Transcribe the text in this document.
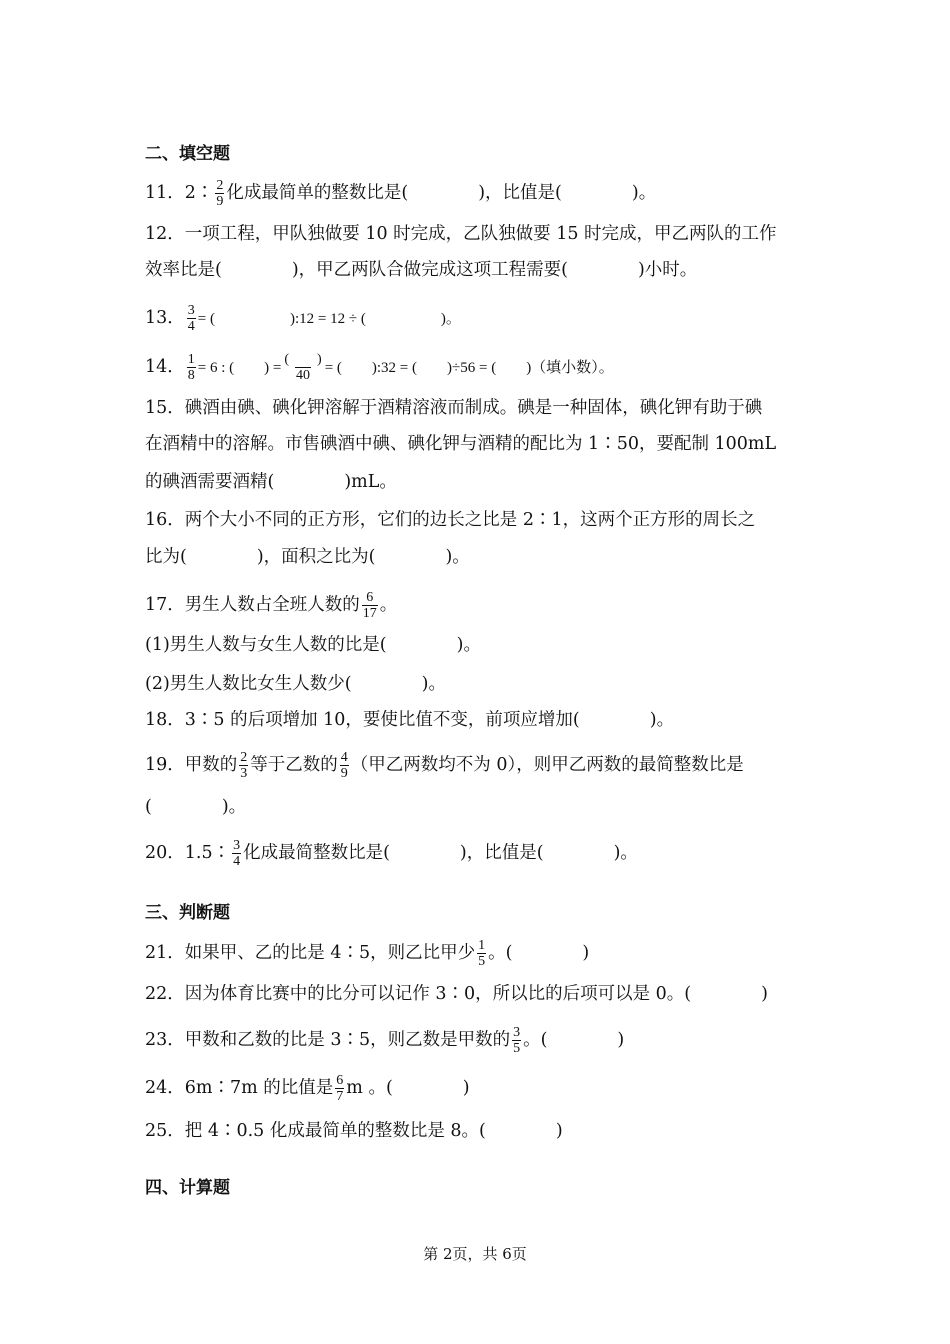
二、填空题
11．2∶ $\frac{2}{9}$ 化成最简单的整数比是(　　　　)，比值是(　　　　)。
12．一项工程，甲队独做要 10 时完成，乙队独做要 15 时完成，甲乙两队的工作
效率比是(　　　　)，甲乙两队合做完成这项工程需要(　　　　)小时。
13． $\frac{3}{4}$ = (　　　　　):12 = 12 ÷ (　　　　　)。
14． $\frac{1}{8} = 6$ : (　　) = $\frac{( )}{40}$ = (　　):32 = (　　)÷56 = (　　)（填小数）。
15．碘酒由碘、碘化钾溶解于酒精溶液而制成。碘是一种固体，碘化钾有助于碘
在酒精中的溶解。市售碘酒中碘、碘化钾与酒精的配比为 1∶50，要配制 100mL
的碘酒需要酒精(　　　　)mL。
16．两个大小不同的正方形，它们的边长之比是 2∶1，这两个正方形的周长之
比为(　　　　)，面积之比为(　　　　)。
17．男生人数占全班人数的 $\frac{6}{17}$ 。
(1)男生人数与女生人数的比是(　　　　)。
(2)男生人数比女生人数少(　　　　)。
18．3∶5 的后项增加 10，要使比值不变，前项应增加(　　　　)。
19．甲数的 $\frac{2}{3}$ 等于乙数的 $\frac{4}{9}$ （甲乙两数均不为 0），则甲乙两数的最简整数比是
(　　　　)。
20．1.5∶ $\frac{3}{4}$ 化成最简整数比是(　　　　)，比值是(　　　　)。
三、判断题
21．如果甲、乙的比是 4∶5，则乙比甲少 $\frac{1}{5}$ 。(　　　　)
22．因为体育比赛中的比分可以记作 3∶0，所以比的后项可以是 0。(　　　　)
23．甲数和乙数的比是 3∶5，则乙数是甲数的 $\frac{3}{5}$ 。(　　　　)
24．6m∶7m 的比值是 $\frac{6}{7}$ m 。(　　　　)
25．把 4∶0.5 化成最简单的整数比是 8。(　　　　)
四、计算题
第 2页，共 6页
